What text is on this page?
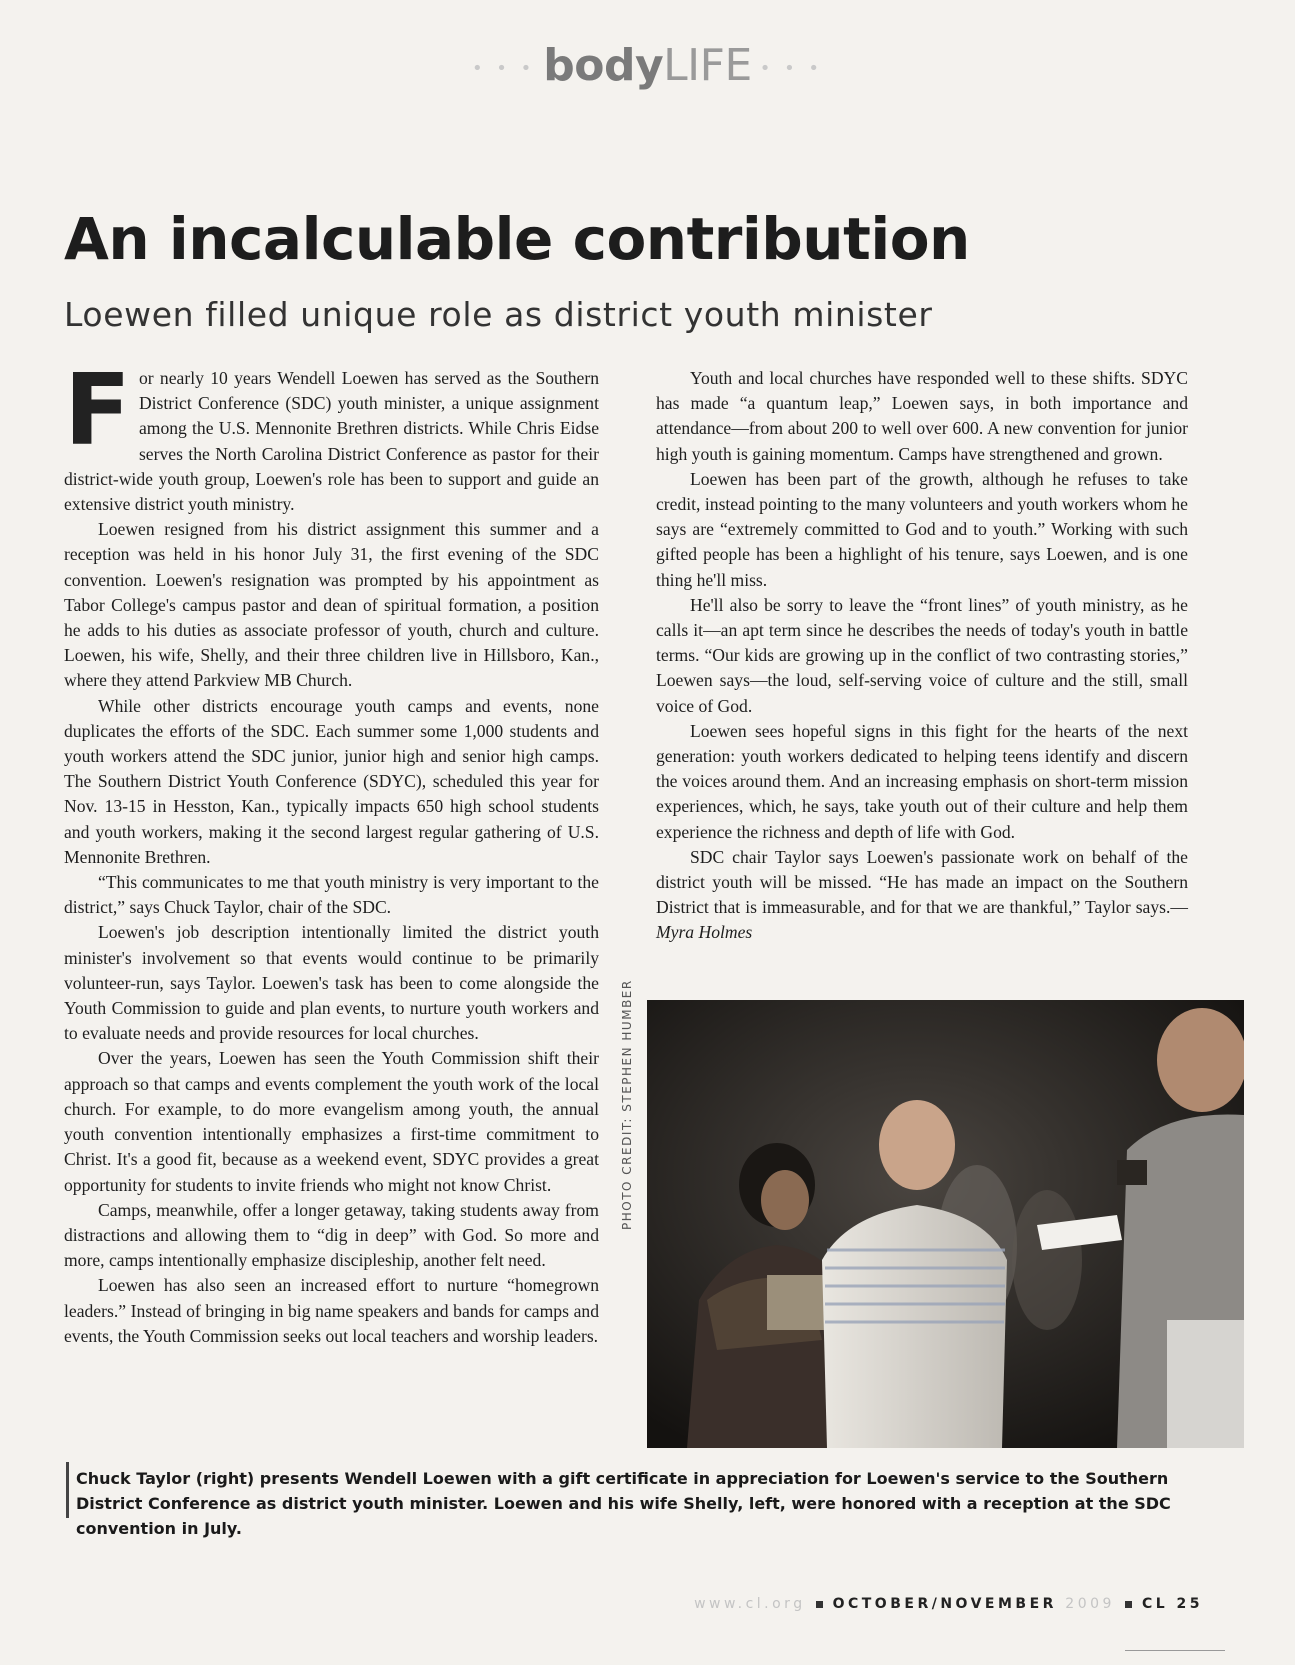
• • • bodyLIFE • • •
An incalculable contribution
Loewen filled unique role as district youth minister

For nearly 10 years Wendell Loewen has served as the Southern District Conference (SDC) youth minister, a unique assignment among the U.S. Mennonite Brethren districts. While Chris Eidse serves the North Carolina District Conference as pastor for their district-wide youth group, Loewen's role has been to support and guide an extensive district youth ministry.

Loewen resigned from his district assignment this summer and a reception was held in his honor July 31, the first evening of the SDC convention. Loewen's resignation was prompted by his appointment as Tabor College's campus pastor and dean of spiritual formation, a position he adds to his duties as associate professor of youth, church and culture. Loewen, his wife, Shelly, and their three children live in Hillsboro, Kan., where they attend Parkview MB Church.

While other districts encourage youth camps and events, none duplicates the efforts of the SDC. Each summer some 1,000 students and youth workers attend the SDC junior, junior high and senior high camps. The Southern District Youth Conference (SDYC), scheduled this year for Nov. 13-15 in Hesston, Kan., typically impacts 650 high school students and youth workers, making it the second largest regular gathering of U.S. Mennonite Brethren.

“This communicates to me that youth ministry is very important to the district,” says Chuck Taylor, chair of the SDC.

Loewen's job description intentionally limited the district youth minister's involvement so that events would continue to be primarily volunteer-run, says Taylor. Loewen's task has been to come alongside the Youth Commission to guide and plan events, to nurture youth workers and to evaluate needs and provide resources for local churches.

Over the years, Loewen has seen the Youth Commission shift their approach so that camps and events complement the youth work of the local church. For example, to do more evangelism among youth, the annual youth convention intentionally emphasizes a first-time commitment to Christ. It's a good fit, because as a weekend event, SDYC provides a great opportunity for students to invite friends who might not know Christ.

Camps, meanwhile, offer a longer getaway, taking students away from distractions and allowing them to “dig in deep” with God. So more and more, camps intentionally emphasize discipleship, another felt need.

Loewen has also seen an increased effort to nurture “homegrown leaders.” Instead of bringing in big name speakers and bands for camps and events, the Youth Commission seeks out local teachers and worship leaders.

Youth and local churches have responded well to these shifts. SDYC has made “a quantum leap,” Loewen says, in both importance and attendance—from about 200 to well over 600. A new convention for junior high youth is gaining momentum. Camps have strengthened and grown.

Loewen has been part of the growth, although he refuses to take credit, instead pointing to the many volunteers and youth workers whom he says are “extremely committed to God and to youth.” Working with such gifted people has been a highlight of his tenure, says Loewen, and is one thing he'll miss.

He'll also be sorry to leave the “front lines” of youth ministry, as he calls it—an apt term since he describes the needs of today's youth in battle terms. “Our kids are growing up in the conflict of two contrasting stories,” Loewen says—the loud, self-serving voice of culture and the still, small voice of God.

Loewen sees hopeful signs in this fight for the hearts of the next generation: youth workers dedicated to helping teens identify and discern the voices around them. And an increasing emphasis on short-term mission experiences, which, he says, take youth out of their culture and help them experience the richness and depth of life with God.

SDC chair Taylor says Loewen's passionate work on behalf of the district youth will be missed. “He has made an impact on the Southern District that is immeasurable, and for that we are thankful,” Taylor says.—Myra Holmes

PHOTO CREDIT: STEPHEN HUMBER

Chuck Taylor (right) presents Wendell Loewen with a gift certificate in appreciation for Loewen's service to the Southern District Conference as district youth minister. Loewen and his wife Shelly, left, were honored with a reception at the SDC convention in July.

www.cl.org OCTOBER/NOVEMBER 2009 CL 25
